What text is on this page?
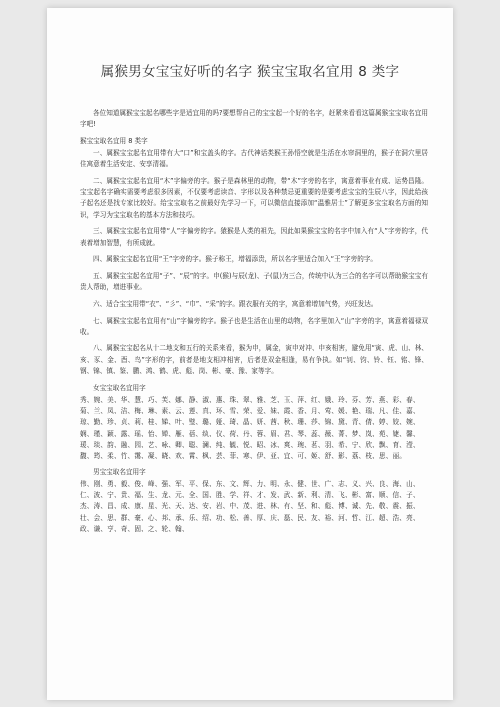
属猴男女宝宝好听的名字 猴宝宝取名宜用 8 类字

各位知道属猴宝宝起名哪些字是适宜用的吗?要想帮自己的宝宝起一个好的名字，赶紧来看看这篇属猴宝宝取名宜用字吧!

猴宝宝取名宜用 8 类字

一、属猴宝宝起名宜用带有大“口”和宝盖头的字。古代神话类猴王孙悟空就是生活在水帘洞里的，猴子在洞穴里居住寓意着生活安定、安享清福。

二、属猴宝宝起名宜用“木”字偏旁的字。猴子是森林里的动物，带“木”字旁的名字，寓意着事业有成、运势昌隆。宝宝起名字确实需要考虑很多因素，不仅要考虑读音、字形以及各种禁忌更重要的是要考虑宝宝的生辰八字，因此给孩子起名还是找专家比较好。给宝宝取名之前最好先学习一下，可以微信直接添加“温雅居士”了解更多宝宝取名方面的知识，学习为宝宝取名的基本方法和技巧。

三、属猴宝宝起名宜用带“人”字偏旁的字。猿猴是人类的祖先，因此如果猴宝宝的名字中加入有“人”字旁的字，代表着增加智慧，有所成就。

四、属猴宝宝起名宜用“王”字旁的字。猴子称王，增福添贵，所以名字里适合加入“王”字旁的字。

五、属猴宝宝起名宜用“子”、“辰”的字。申(猴)与辰(龙)、子(鼠)为三合，传统中认为三合的名字可以帮助猴宝宝有贵人帮助，增进事业。

六、适合宝宝用带“衣”、“彡”、“巾”、“采”的字。跟衣服有关的字，寓意着增加气势，兴旺发达。

七、属猴宝宝起名宜用有“山”字偏旁的字。猴子也是生活在山里的动物，名字里加入“山”字旁的字，寓意着福禄双收。

八、属猴宝宝起名从十二地支和五行的关系来看，猴为申，属金，寅申对冲、申亥相害，避免用“寅、虎、山、林、亥、豕、金、酉、鸟”字形的字，前者是地支相冲相害，后者是双金相逢，易有争执。如“钊、钧、铃、钰、铭、锋、钢、锦、镇、鉴、鹏、鸿、鹤、虎、彪、岗、彬、豪、豫、家等字。

女宝宝取名宜用字

秀、婉、美、华、慧、巧、芙、娜、静、淑、惠、珠、翠、雅、芝、玉、萍、红、娥、玲、芬、芳、燕、彩、春、菊、兰、凤、洁、梅、琳、素、云、莲、真、环、雪、荣、爱、妹、霞、香、月、莺、媛、艳、瑞、凡、佳、嘉、琼、勤、珍、贞、莉、桂、娣、叶、璧、璐、娅、琦、晶、妍、茜、秋、珊、莎、锦、黛、青、倩、婷、姣、婉、娴、瑾、颖、露、瑶、怡、婵、雁、蓓、纨、仪、荷、丹、蓉、眉、君、琴、蕊、薇、菁、梦、岚、苑、婕、馨、瑗、琰、韵、融、园、艺、咏、卿、聪、澜、纯、毓、悦、昭、冰、爽、琬、茗、羽、希、宁、欣、飘、育、滢、馥、筠、柔、竹、霭、凝、晓、欢、霄、枫、芸、菲、寒、伊、亚、宜、可、姬、舒、影、荔、枝、思、丽。

男宝宝取名宜用字

伟、刚、勇、毅、俊、峰、强、军、平、保、东、文、辉、力、明、永、健、世、广、志、义、兴、良、海、山、仁、波、宁、贵、福、生、龙、元、全、国、胜、学、祥、才、发、武、新、利、清、飞、彬、富、顺、信、子、杰、涛、昌、成、康、星、光、天、达、安、岩、中、茂、进、林、有、坚、和、彪、博、诚、先、敬、震、振、壮、会、思、群、豪、心、邦、承、乐、绍、功、松、善、厚、庆、磊、民、友、裕、河、哲、江、超、浩、亮、政、谦、亨、奇、固、之、轮、翰、
